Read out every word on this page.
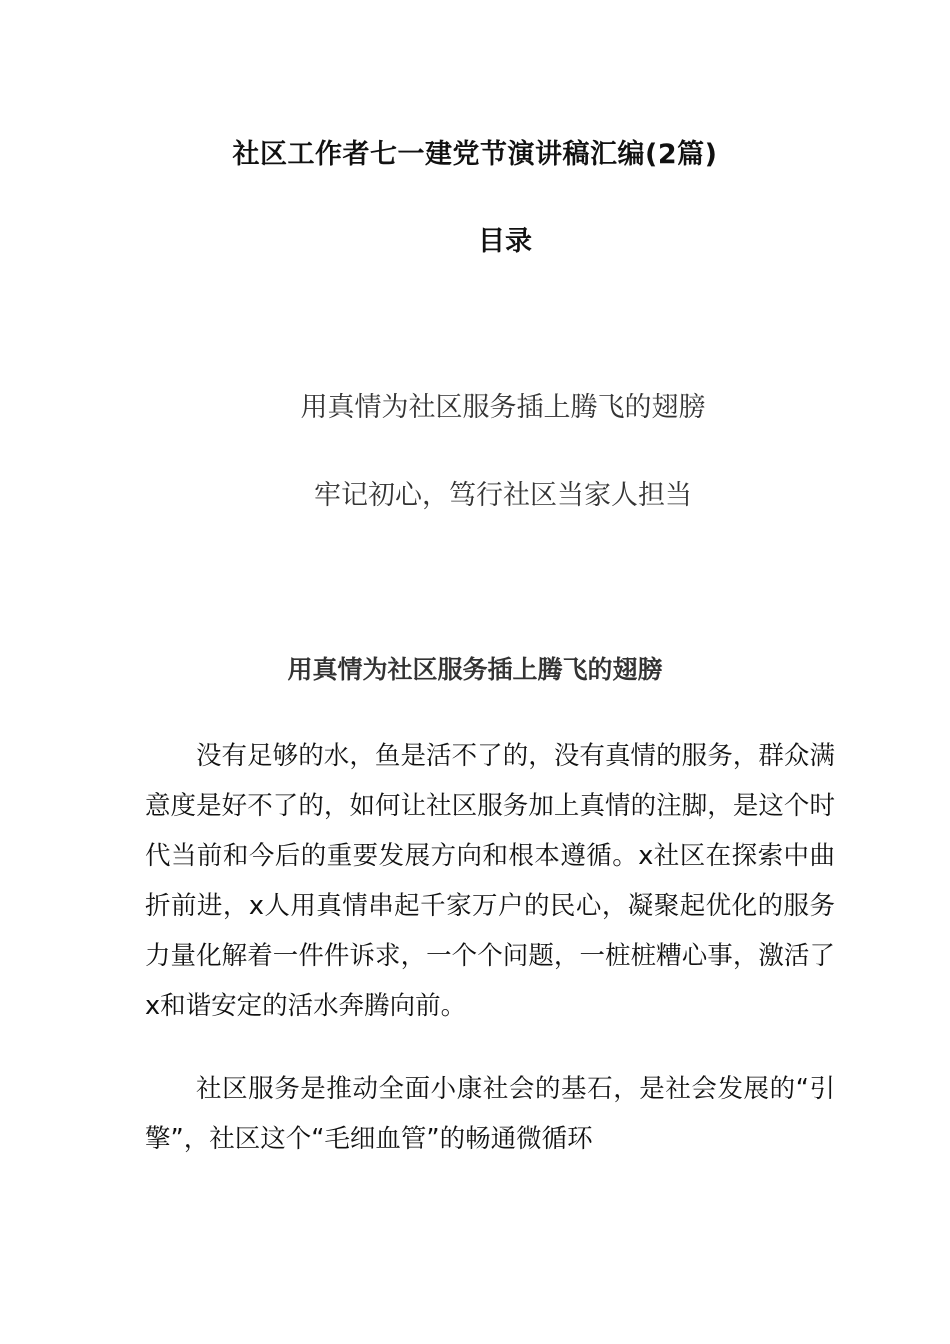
社区工作者七一建党节演讲稿汇编(2篇)
目录
用真情为社区服务插上腾飞的翅膀
牢记初心，笃行社区当家人担当
用真情为社区服务插上腾飞的翅膀

没有足够的水，鱼是活不了的，没有真情的服务，群众满意度是好不了的，如何让社区服务加上真情的注脚，是这个时代当前和今后的重要发展方向和根本遵循。x社区在探索中曲折前进，x人用真情串起千家万户的民心，凝聚起优化的服务力量化解着一件件诉求，一个个问题，一桩桩糟心事，激活了x和谐安定的活水奔腾向前。

社区服务是推动全面小康社会的基石，是社会发展的“引擎”，社区这个“毛细血管”的畅通微循环
